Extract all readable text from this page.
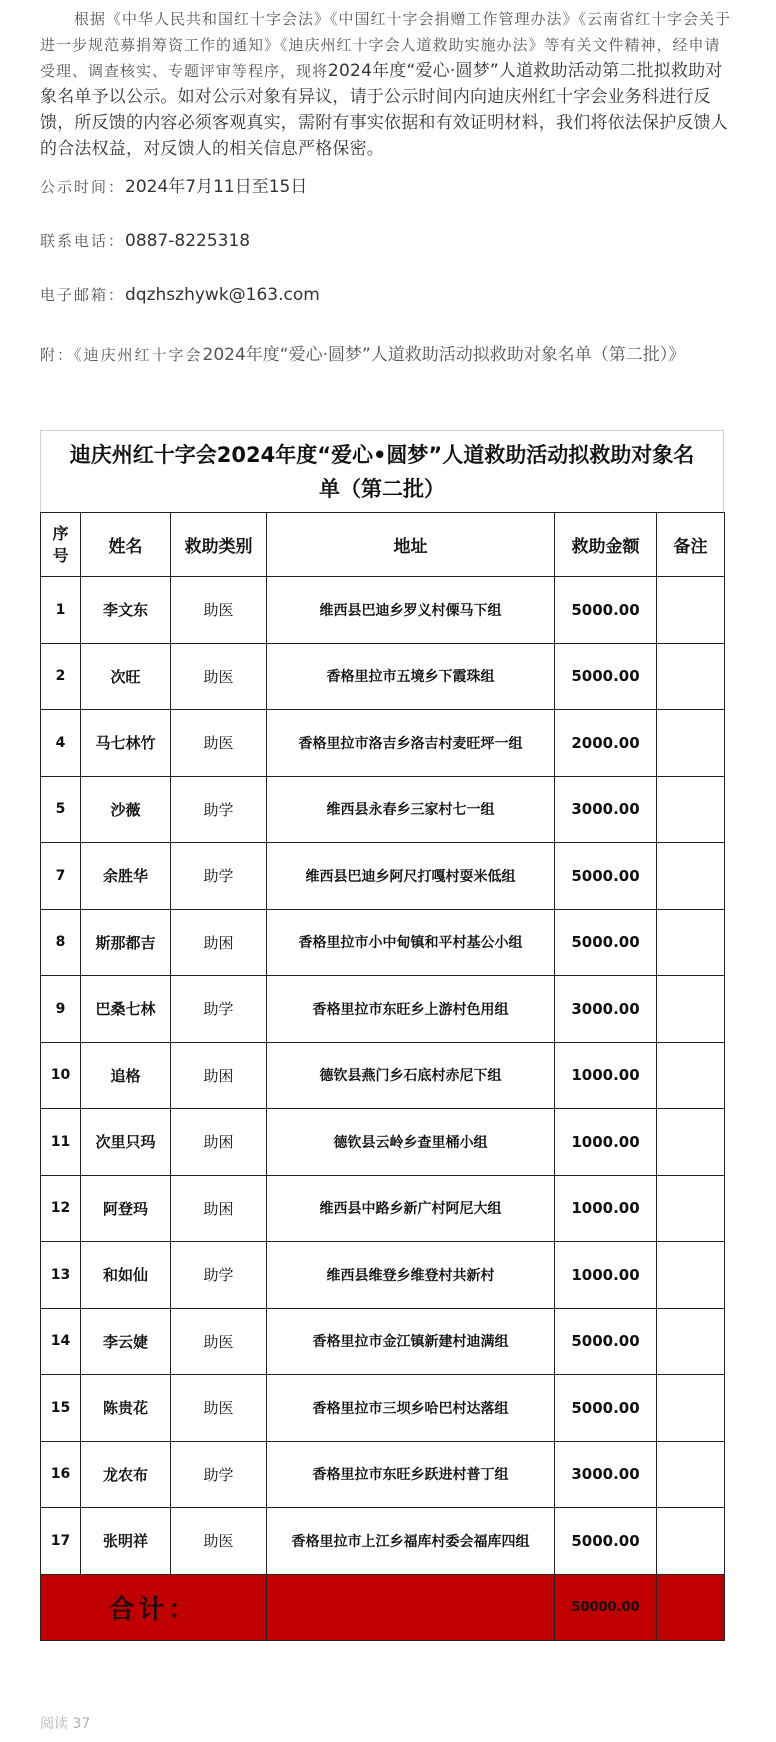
根据《中华人民共和国红十字会法》《中国红十字会捐赠工作管理办法》《云南省红十字会关于进一步规范募捐筹资工作的通知》《迪庆州红十字会人道救助实施办法》等有关文件精神，经申请受理、调查核实、专题评审等程序，现将2024年度“爱心·圆梦”人道救助活动第二批拟救助对象名单予以公示。如对公示对象有异议，请于公示时间内向迪庆州红十字会业务科进行反馈，所反馈的内容必须客观真实，需附有事实依据和有效证明材料，我们将依法保护反馈人的合法权益，对反馈人的相关信息严格保密。
公示时间：2024年7月11日至15日
联系电话：0887-8225318
电子邮箱：dqzhszhywk@163.com
附：《迪庆州红十字会2024年度“爱心·圆梦”人道救助活动拟救助对象名单（第二批）》
迪庆州红十字会2024年度“爱心•圆梦”人道救助活动拟救助对象名单（第二批）
序号	姓名	救助类别	地址	救助金额	备注
1	李文东	助医	维西县巴迪乡罗义村傈马下组	5000.00	
2	次旺	助医	香格里拉市五境乡下霞珠组	5000.00	
4	马七林竹	助医	香格里拉市洛吉乡洛吉村麦旺坪一组	2000.00	
5	沙薇	助学	维西县永春乡三家村七一组	3000.00	
7	余胜华	助学	维西县巴迪乡阿尺打嘎村耍米低组	5000.00	
8	斯那都吉	助困	香格里拉市小中甸镇和平村基公小组	5000.00	
9	巴桑七林	助学	香格里拉市东旺乡上游村色用组	3000.00	
10	追格	助困	德钦县燕门乡石底村赤尼下组	1000.00	
11	次里只玛	助困	德钦县云岭乡查里桶小组	1000.00	
12	阿登玛	助困	维西县中路乡新广村阿尼大组	1000.00	
13	和如仙	助学	维西县维登乡维登村共新村	1000.00	
14	李云婕	助医	香格里拉市金江镇新建村迪满组	5000.00	
15	陈贵花	助医	香格里拉市三坝乡哈巴村达落组	5000.00	
16	龙农布	助学	香格里拉市东旺乡跃进村普丁组	3000.00	
17	张明祥	助医	香格里拉市上江乡福库村委会福库四组	5000.00	
合计：				50000.00	
阅读 37
